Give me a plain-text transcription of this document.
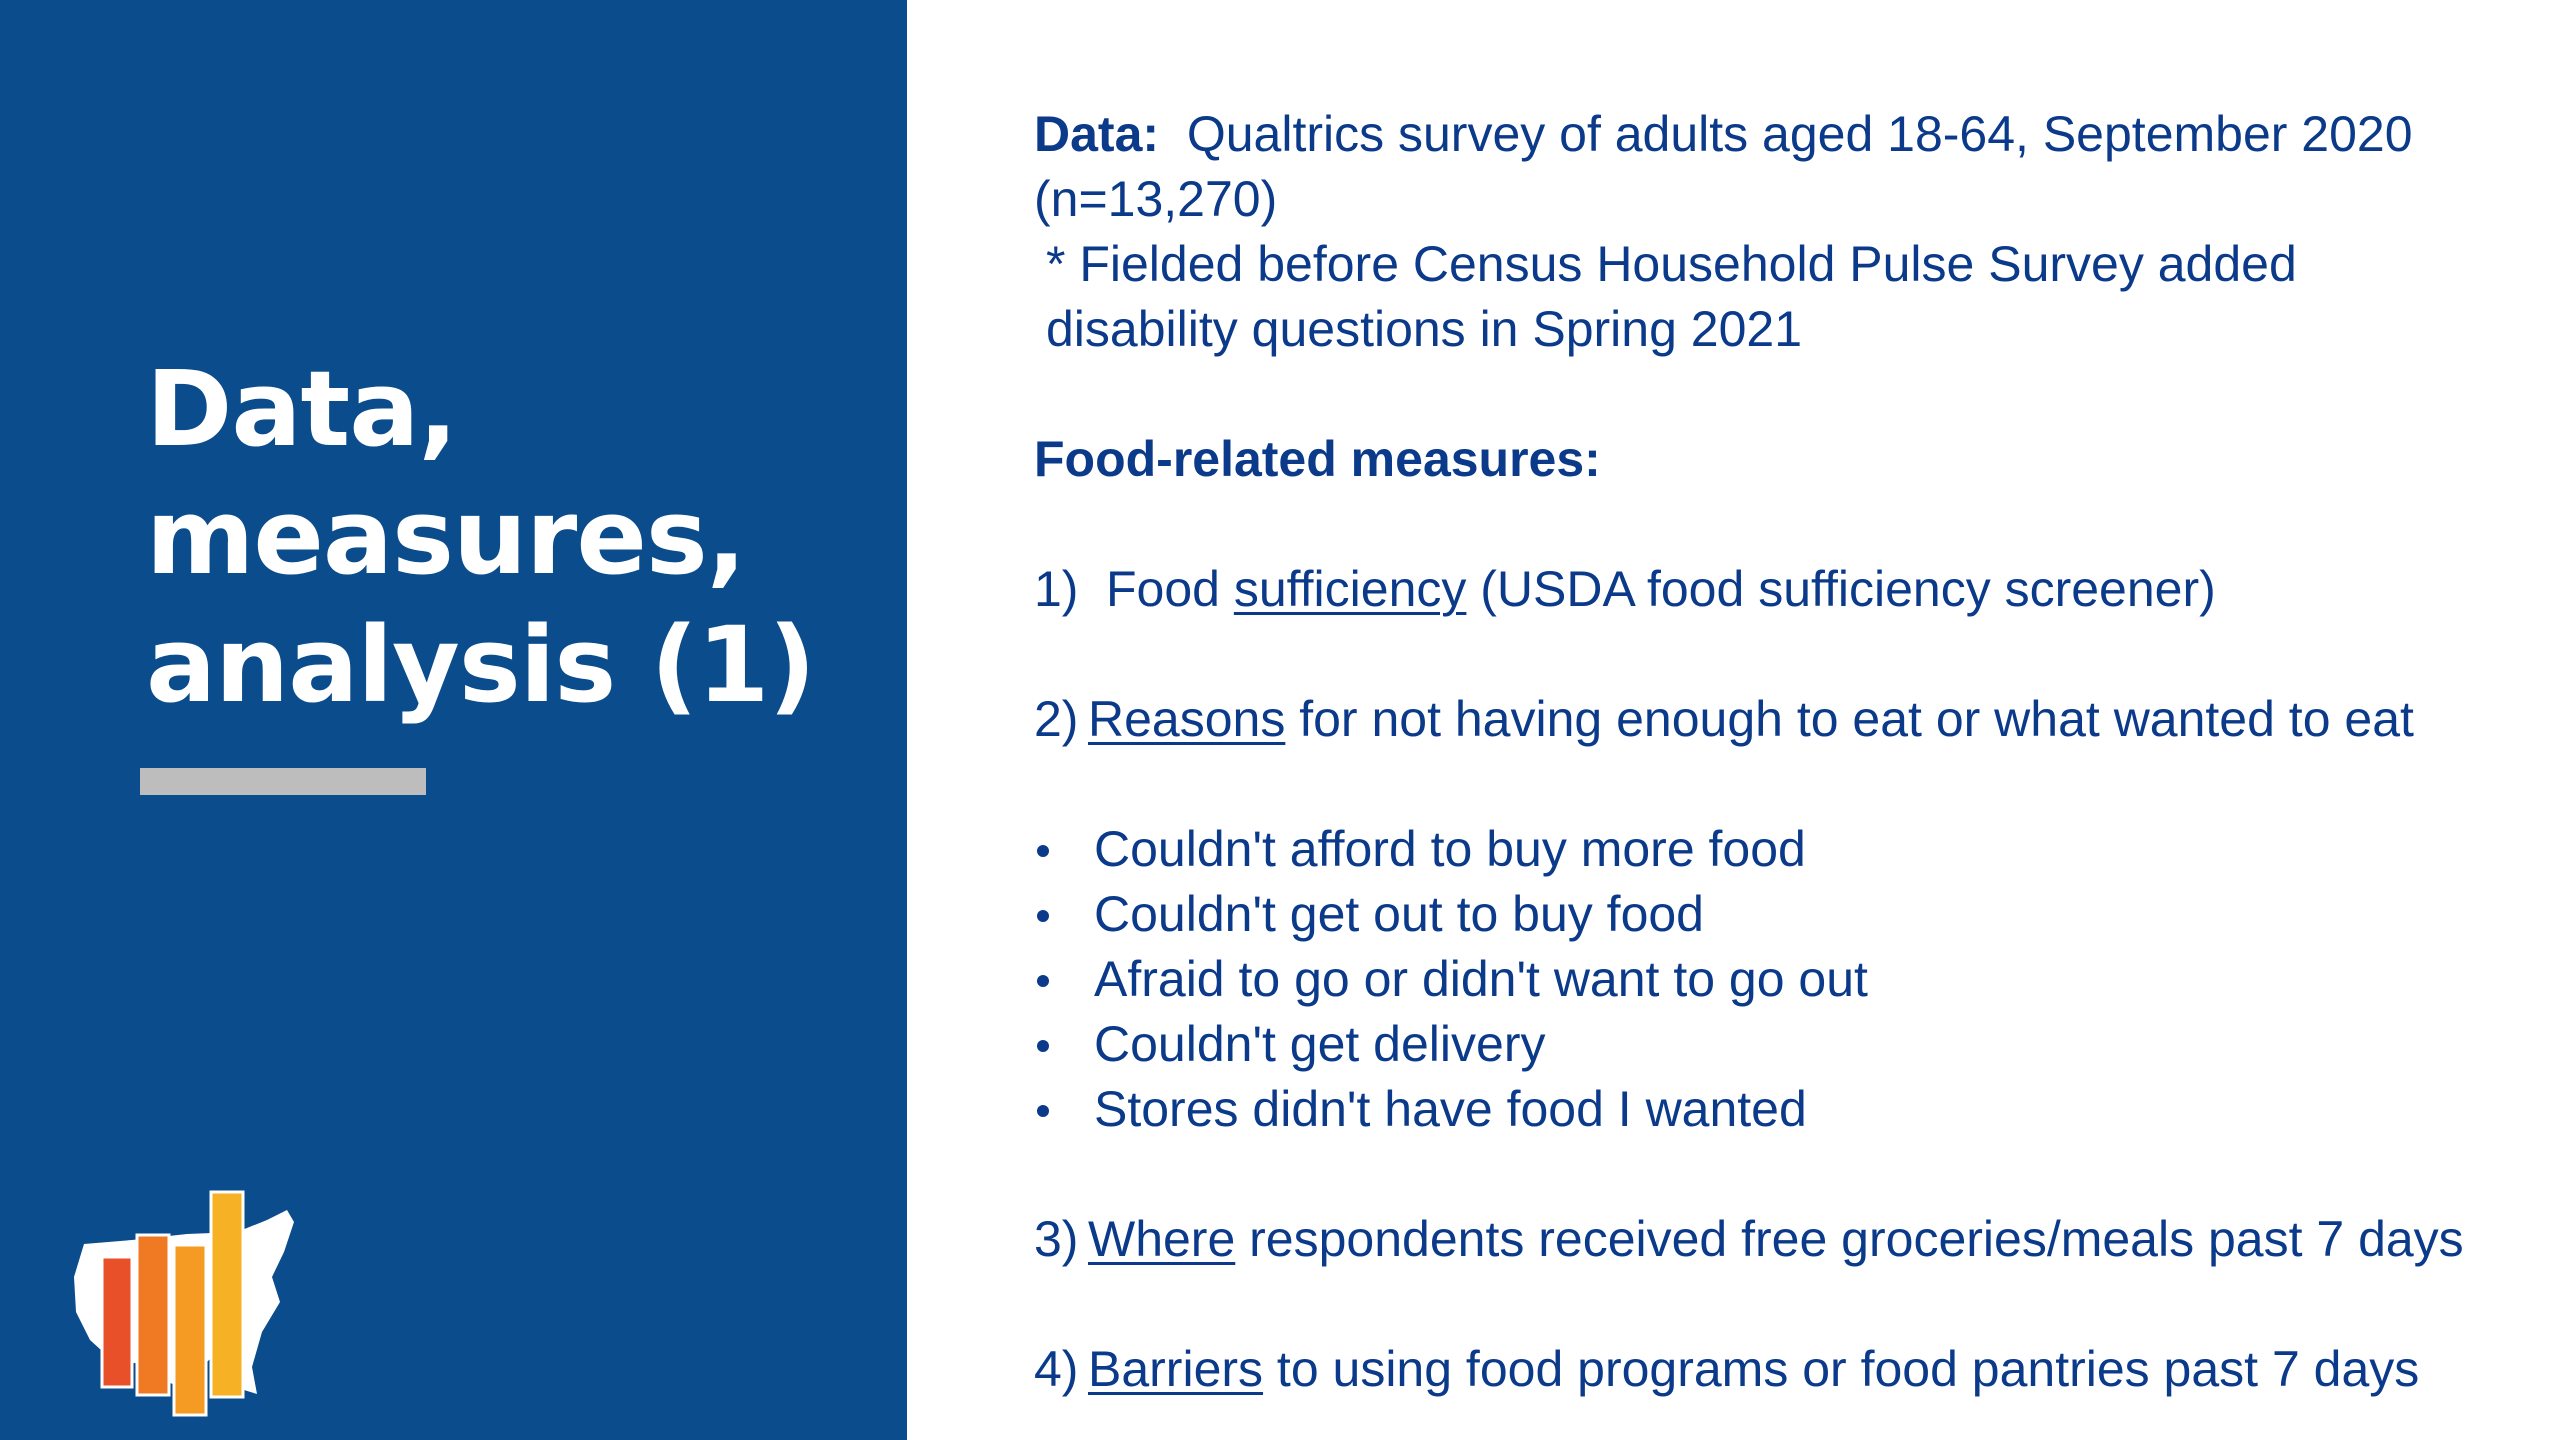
Data,
measures,
analysis (1)

Data: Qualtrics survey of adults aged 18-64, September 2020 (n=13,270)

* Fielded before Census Household Pulse Survey added disability questions in Spring 2021

Food-related measures:

1) Food sufficiency (USDA food sufficiency screener)

2) Reasons for not having enough to eat or what wanted to eat

Couldn't afford to buy more food
Couldn't get out to buy food
Afraid to go or didn't want to go out
Couldn't get delivery
Stores didn't have food I wanted

3) Where respondents received free groceries/meals past 7 days

4) Barriers to using food programs or food pantries past 7 days
